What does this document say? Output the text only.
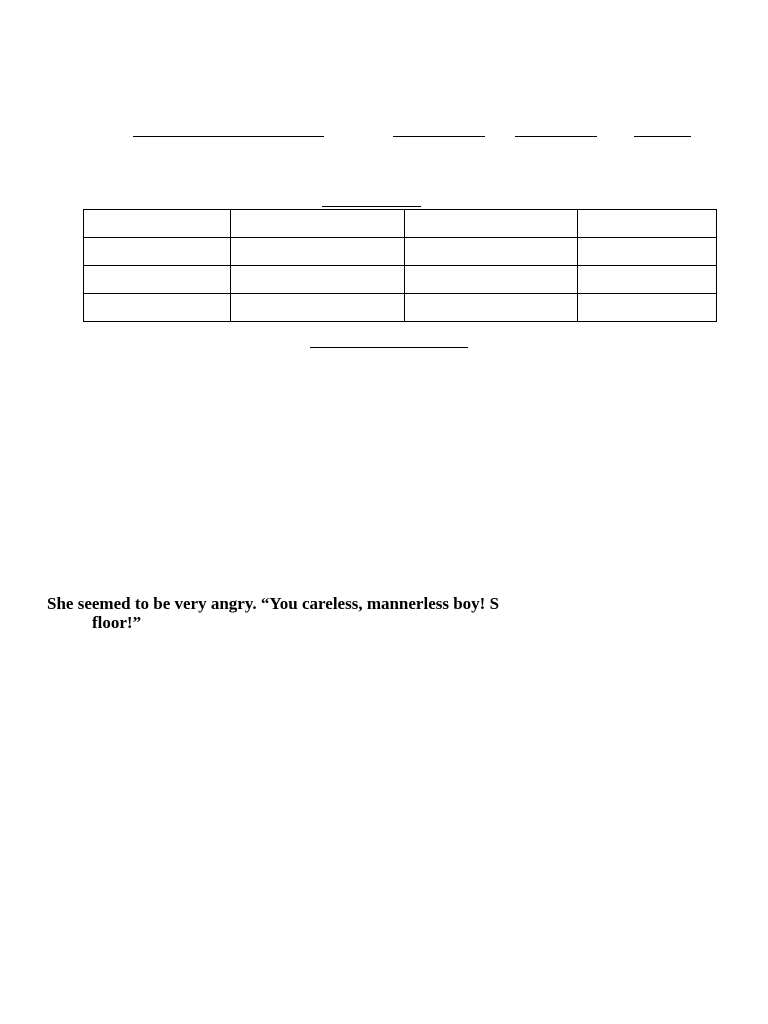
She seemed to be very angry. “You careless, mannerless boy! S
floor!”
